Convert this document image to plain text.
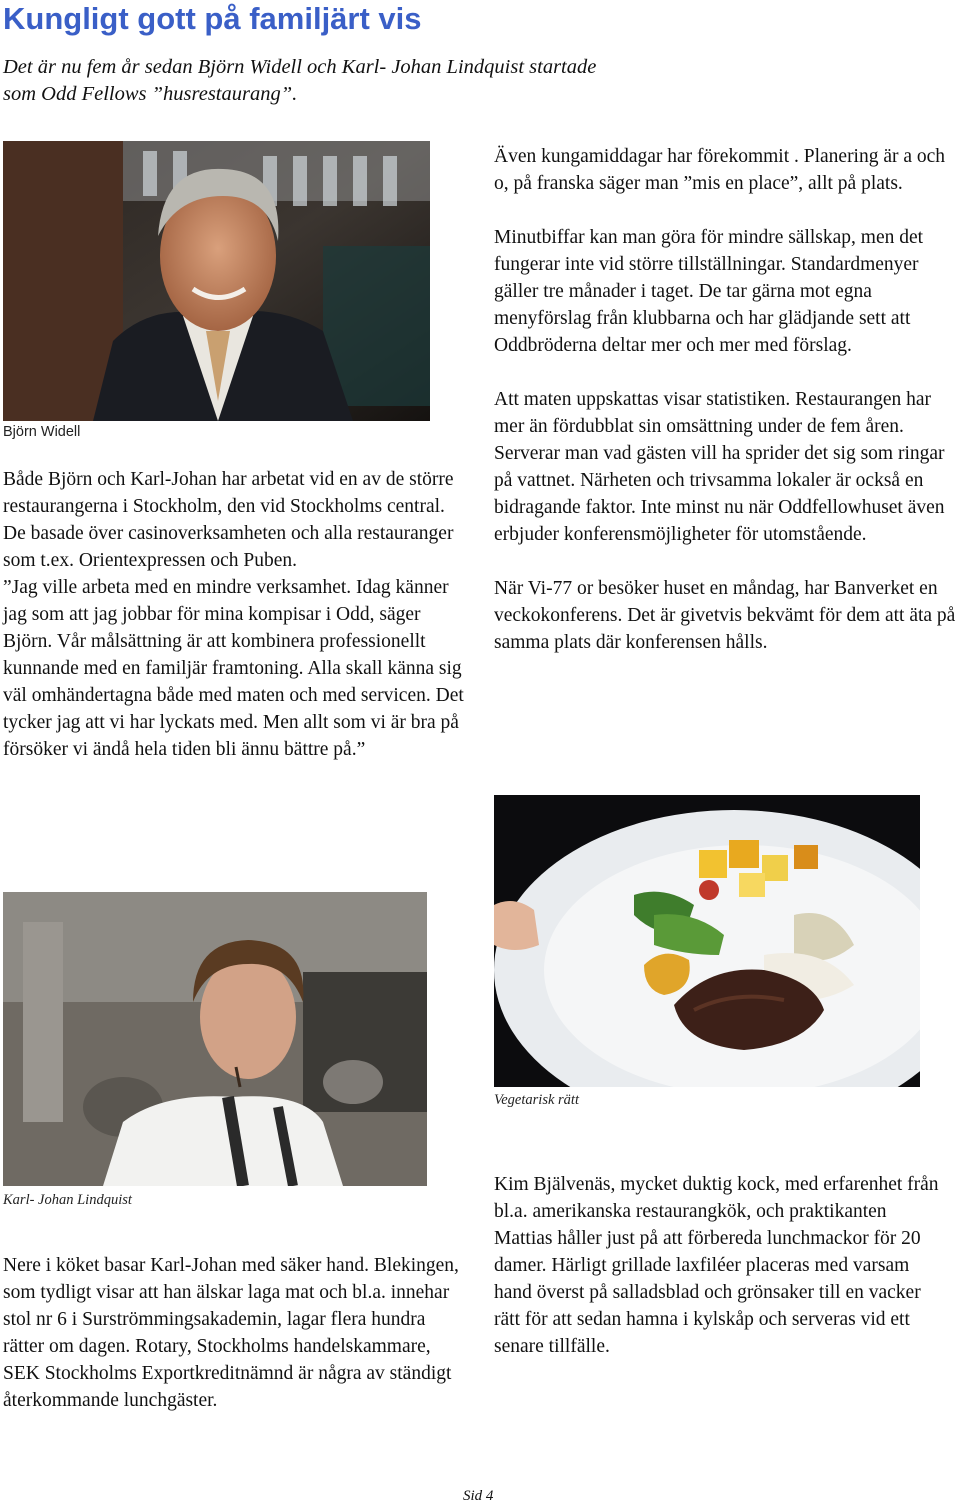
Kungligt gott på familjärt vis
Det är nu fem år sedan Björn Widell och Karl- Johan Lindquist startade som Odd Fellows ”husrestaurang”.
Björn Widell

Både Björn och Karl-Johan har arbetat vid en av de större restaurangerna i Stockholm, den vid Stockholms central. De basade över casinoverksamheten och alla restauranger som t.ex. Orientexpressen och Puben.

”Jag ville arbeta med en mindre verksamhet. Idag känner jag som att jag jobbar för mina kompisar i Odd, säger Björn. Vår målsättning är att kombinera professionellt kunnande med en familjär framtoning. Alla skall känna sig väl omhändertagna både med maten och med servicen. Det tycker jag att vi har lyckats med. Men allt som vi är bra på försöker vi ändå hela tiden bli ännu bättre på.”

Även kungamiddagar har förekommit . Planering är a och o, på franska säger man ”mis en place”, allt på plats.

Minutbiffar kan man göra för mindre sällskap, men det fungerar inte vid större tillställningar. Standardmenyer gäller tre månader i taget. De tar gärna mot egna menyförslag från klubbarna och har glädjande sett att Oddbröderna deltar mer och mer med förslag.

Att maten uppskattas visar statistiken. Restaurangen har mer än fördubblat sin omsättning under de fem åren. Serverar man vad gästen vill ha sprider det sig som ringar på vattnet. Närheten och trivsamma lokaler är också en bidragande faktor. Inte minst nu när Oddfellowhuset även erbjuder konferensmöjligheter för utomstående.

När Vi-77 or besöker huset en måndag, har Banverket en veckokonferens. Det är givetvis bekvämt för dem att äta på samma plats där konferensen hålls.

Vegetarisk rätt
Karl- Johan Lindquist
Nere i köket basar Karl-Johan med säker hand. Blekingen, som tydligt visar att han älskar laga mat och bl.a. innehar stol nr 6 i Surströmmingsakademin, lagar flera hundra rätter om dagen. Rotary, Stockholms handelskammare, SEK Stockholms Exportkreditnämnd är några av ständigt återkommande lunchgäster.
Kim Bjälvenäs, mycket duktig kock, med erfarenhet från bl.a. amerikanska restaurangkök, och praktikanten Mattias håller just på att förbereda lunchmackor för 20 damer. Härligt grillade laxfiléer placeras med varsam hand överst på salladsblad och grönsaker till en vacker rätt för att sedan hamna i kylskåp och serveras vid ett senare tillfälle.
Sid 4
